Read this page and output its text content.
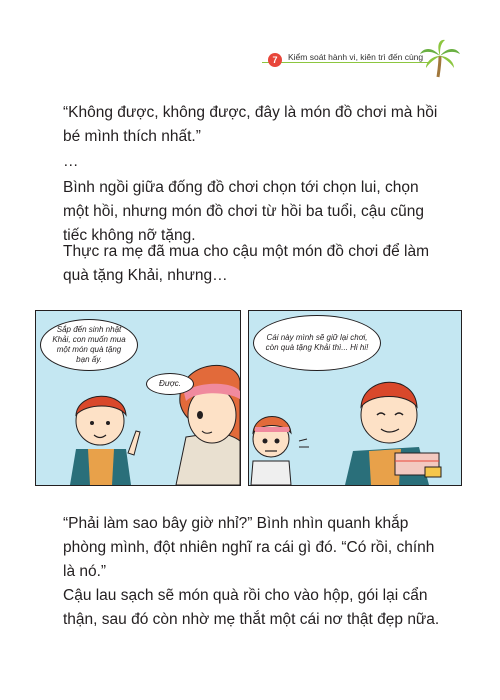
7	Kiểm soát hành vi, kiên trì đến cùng

“Không được, không được, đây là món đồ chơi mà hồi bé mình thích nhất.”

…

Bình ngồi giữa đống đồ chơi chọn tới chọn lui, chọn một hồi, nhưng món đồ chơi từ hồi ba tuổi, cậu cũng tiếc không nỡ tặng.

Thực ra mẹ đã mua cho cậu một món đồ chơi để làm quà tặng Khải, nhưng…

Sắp đến sinh nhật Khải, con muốn mua một món quà tặng bạn ấy.
Được.
Cái này mình sẽ giữ lại chơi, còn quà tặng Khải thì... Hi hi!

“Phải làm sao bây giờ nhỉ?” Bình nhìn quanh khắp phòng mình, đột nhiên nghĩ ra cái gì đó. “Có rồi, chính là nó.”

Cậu lau sạch sẽ món quà rồi cho vào hộp, gói lại cẩn thận, sau đó còn nhờ mẹ thắt một cái nơ thật đẹp nữa.
